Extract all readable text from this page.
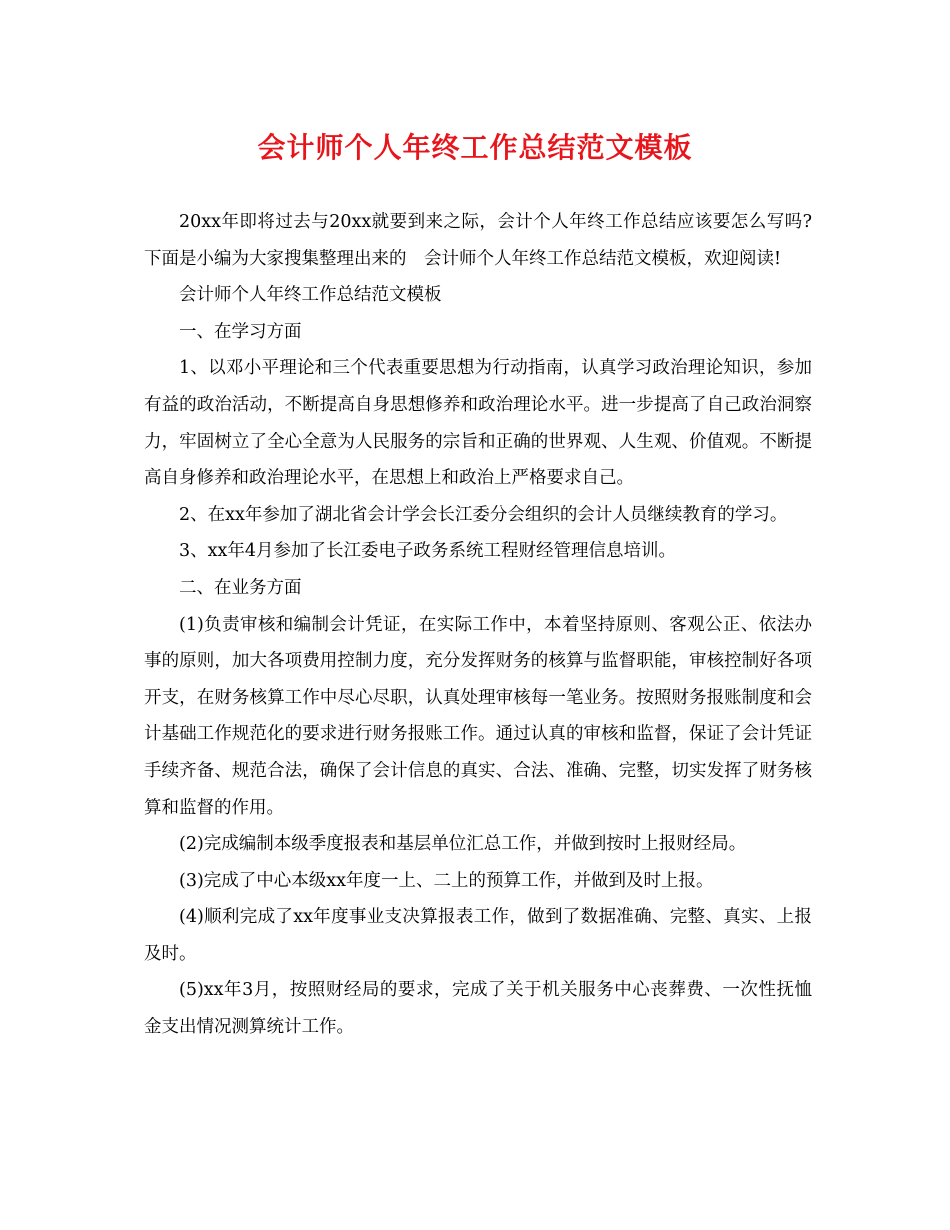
会计师个人年终工作总结范文模板

20xx年即将过去与20xx就要到来之际，会计个人年终工作总结应该要怎么写吗?下面是小编为大家搜集整理出来的　会计师个人年终工作总结范文模板，欢迎阅读!

会计师个人年终工作总结范文模板

一、在学习方面

1、以邓小平理论和三个代表重要思想为行动指南，认真学习政治理论知识，参加有益的政治活动，不断提高自身思想修养和政治理论水平。进一步提高了自己政治洞察力，牢固树立了全心全意为人民服务的宗旨和正确的世界观、人生观、价值观。不断提高自身修养和政治理论水平，在思想上和政治上严格要求自己。

2、在xx年参加了湖北省会计学会长江委分会组织的会计人员继续教育的学习。

3、xx年4月参加了长江委电子政务系统工程财经管理信息培训。

二、在业务方面

(1)负责审核和编制会计凭证，在实际工作中，本着坚持原则、客观公正、依法办事的原则，加大各项费用控制力度，充分发挥财务的核算与监督职能，审核控制好各项开支，在财务核算工作中尽心尽职，认真处理审核每一笔业务。按照财务报账制度和会计基础工作规范化的要求进行财务报账工作。通过认真的审核和监督，保证了会计凭证手续齐备、规范合法，确保了会计信息的真实、合法、准确、完整，切实发挥了财务核算和监督的作用。

(2)完成编制本级季度报表和基层单位汇总工作，并做到按时上报财经局。

(3)完成了中心本级xx年度一上、二上的预算工作，并做到及时上报。

(4)顺利完成了xx年度事业支决算报表工作，做到了数据准确、完整、真实、上报及时。

(5)xx年3月，按照财经局的要求，完成了关于机关服务中心丧葬费、一次性抚恤金支出情况测算统计工作。
